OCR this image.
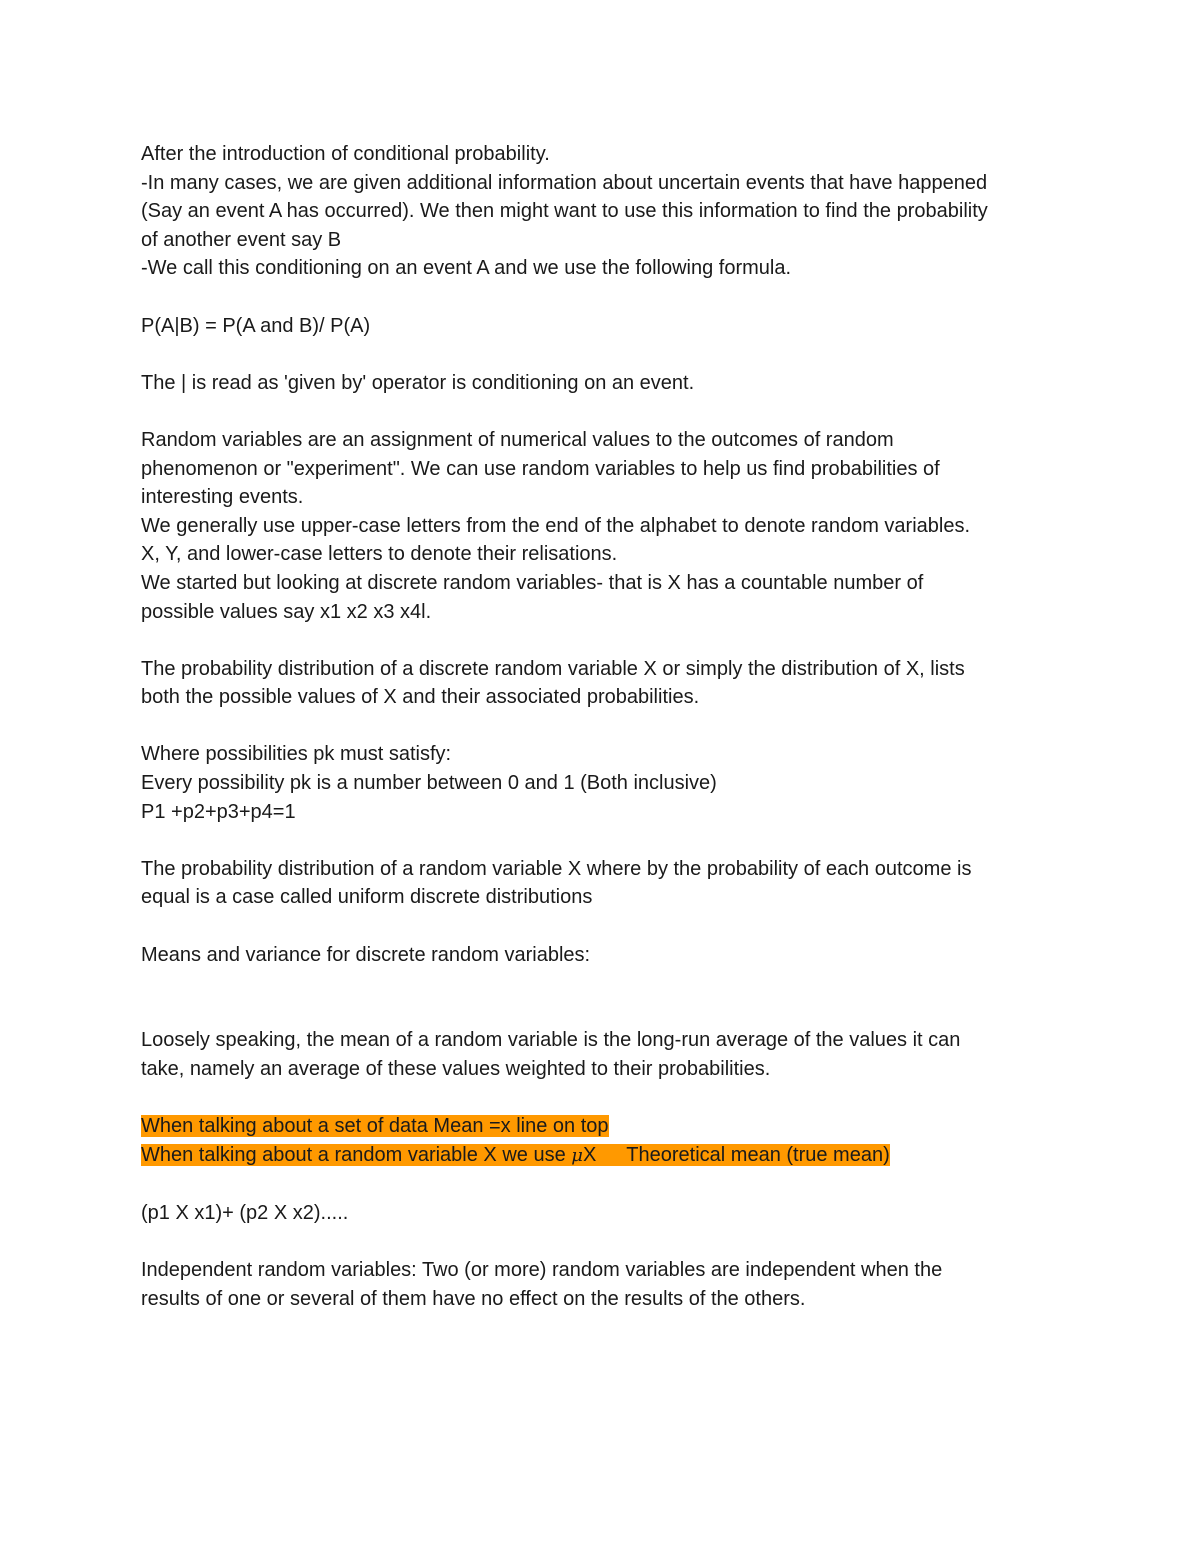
After the introduction of conditional probability.
-In many cases, we are given additional information about uncertain events that have happened
(Say an event A has occurred). We then might want to use this information to find the probability
of another event say B
-We call this conditioning on an event A and we use the following formula.
P(A|B) = P(A and B)/ P(A)
The | is read as 'given by' operator is conditioning on an event.
Random variables are an assignment of numerical values to the outcomes of random
phenomenon or "experiment". We can use random variables to help us find probabilities of
interesting events.
We generally use upper-case letters from the end of the alphabet to denote random variables.
X, Y, and lower-case letters to denote their relisations.
We started but looking at discrete random variables- that is X has a countable number of
possible values say x1 x2 x3 x4l.
The probability distribution of a discrete random variable X or simply the distribution of X, lists
both the possible values of X and their associated probabilities.
Where possibilities pk must satisfy:
Every possibility pk is a number between 0 and 1 (Both inclusive)
P1 +p2+p3+p4=1
The probability distribution of a random variable X where by the probability of each outcome is
equal is a case called uniform discrete distributions
Means and variance for discrete random variables:
Loosely speaking, the mean of a random variable is the long-run average of the values it can
take, namely an average of these values weighted to their probabilities.
When talking about a set of data Mean =x line on top
When talking about a random variable X we use μX Theoretical mean (true mean)
(p1 X x1)+ (p2 X x2).....
Independent random variables: Two (or more) random variables are independent when the
results of one or several of them have no effect on the results of the others.
